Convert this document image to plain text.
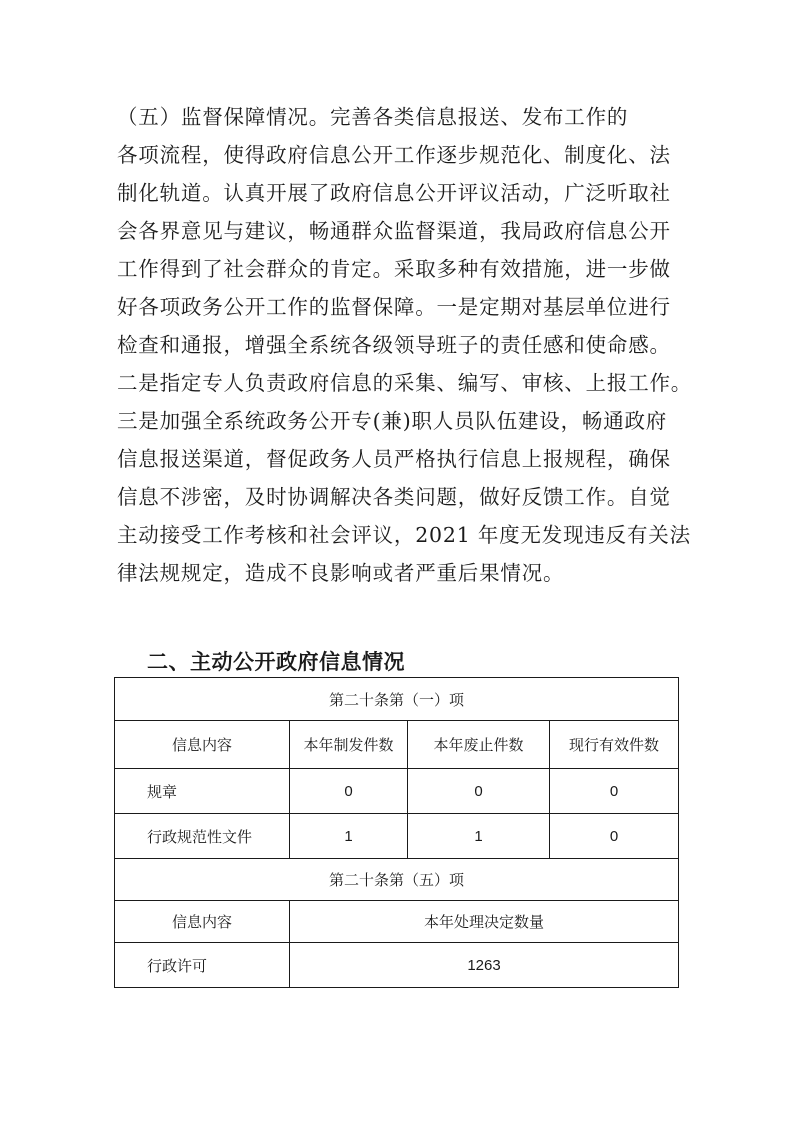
（五）监督保障情况。完善各类信息报送、发布工作的
各项流程，使得政府信息公开工作逐步规范化、制度化、法
制化轨道。认真开展了政府信息公开评议活动，广泛听取社
会各界意见与建议，畅通群众监督渠道，我局政府信息公开
工作得到了社会群众的肯定。采取多种有效措施，进一步做
好各项政务公开工作的监督保障。一是定期对基层单位进行
检查和通报，增强全系统各级领导班子的责任感和使命感。
二是指定专人负责政府信息的采集、编写、审核、上报工作。
三是加强全系统政务公开专(兼)职人员队伍建设，畅通政府
信息报送渠道，督促政务人员严格执行信息上报规程，确保
信息不涉密，及时协调解决各类问题，做好反馈工作。自觉
主动接受工作考核和社会评议，2021 年度无发现违反有关法
律法规规定，造成不良影响或者严重后果情况。
二、主动公开政府信息情况
第二十条第（一）项			
信息内容	本年制发件数	本年废止件数	现行有效件数
规章	0	0	0
行政规范性文件	1	1	0
第二十条第（五）项			
信息内容	本年处理决定数量		
行政许可	1263		
